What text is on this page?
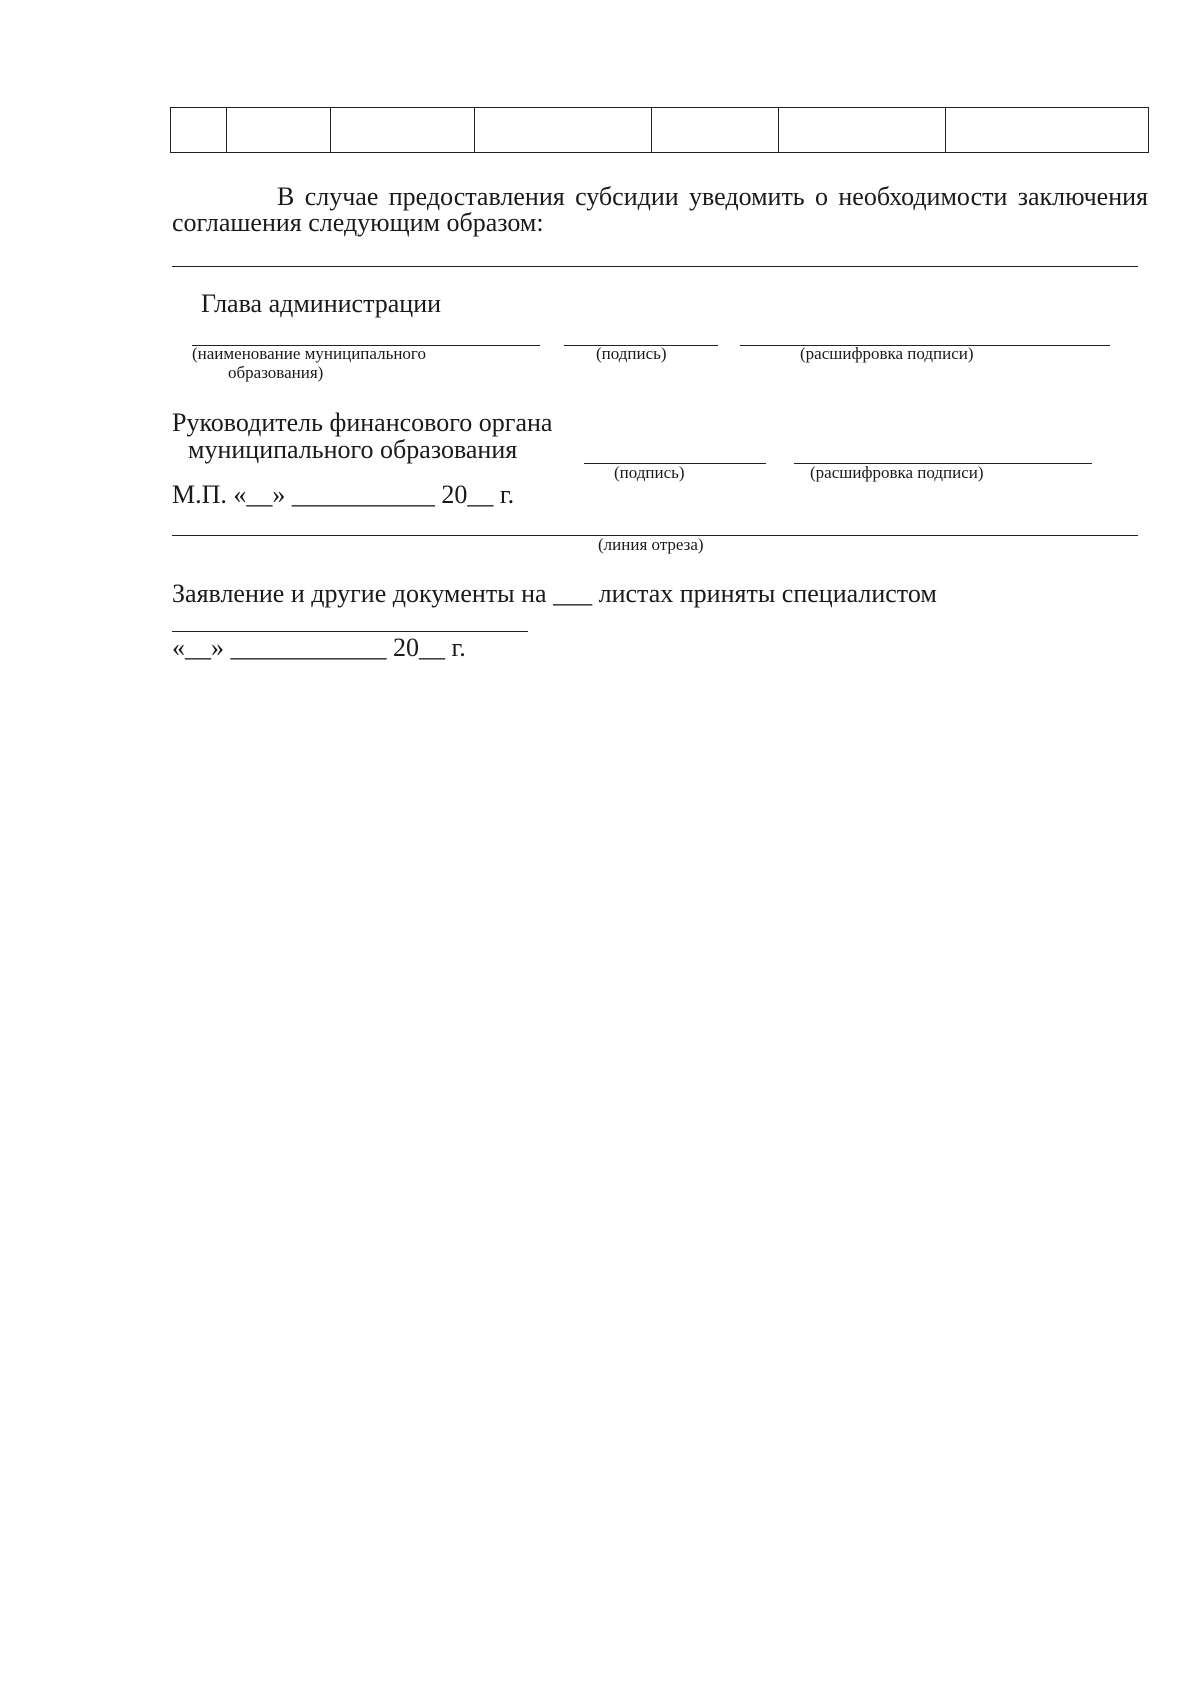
В случае предоставления субсидии уведомить о необходимости заключения соглашения следующим образом:
Глава администрации
(наименование муниципального
образования)
(подпись)	(расшифровка подписи)
Руководитель финансового органа
муниципального образования
(подпись)	(расшифровка подписи)
М.П. «__» ___________ 20__ г.
(линия отреза)
Заявление и другие документы на ___ листах приняты специалистом
«__» ____________ 20__ г.
